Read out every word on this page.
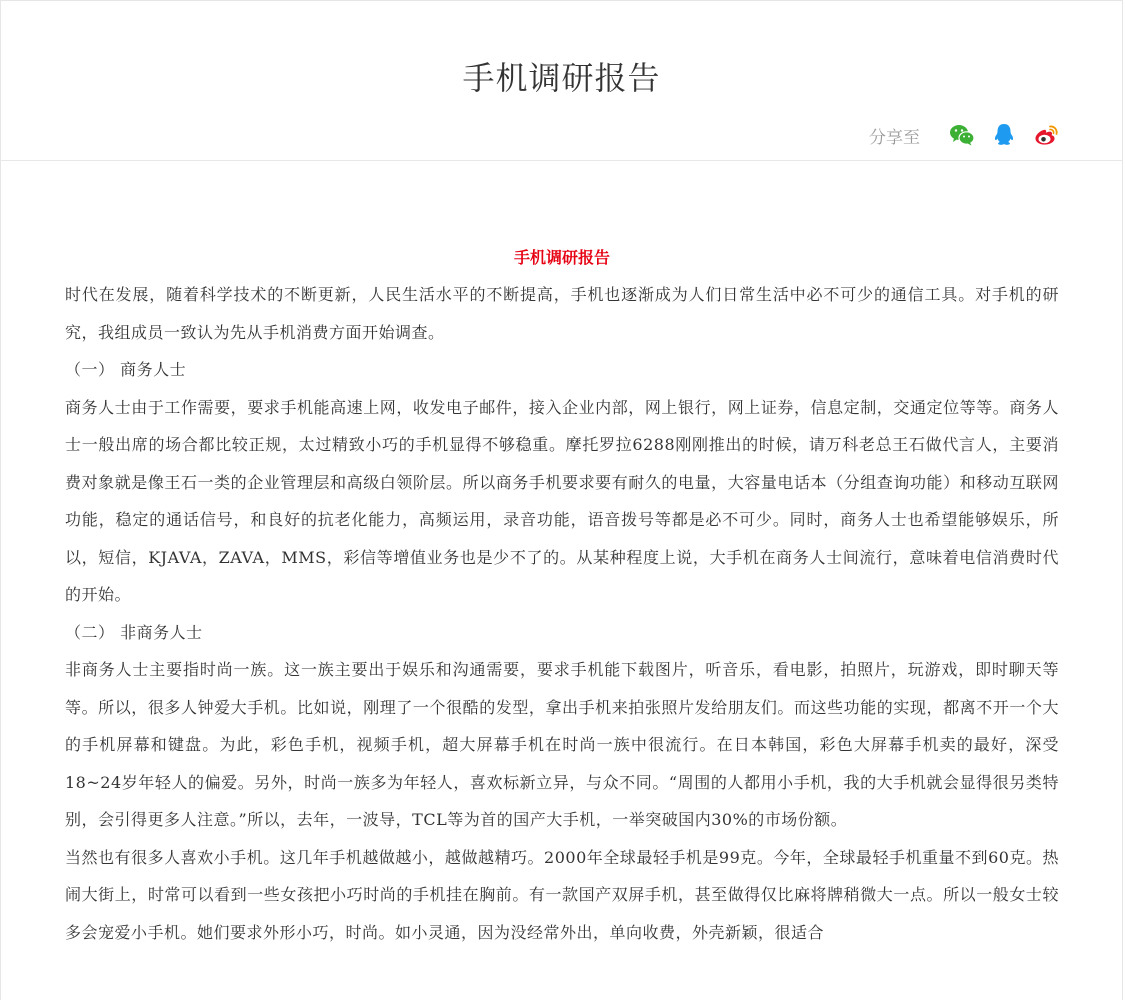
手机调研报告
分享至
手机调研报告

时代在发展，随着科学技术的不断更新，人民生活水平的不断提高，手机也逐渐成为人们日常生活中必不可少的通信工具。对手机的研究，我组成员一致认为先从手机消费方面开始调查。

（一） 商务人士

商务人士由于工作需要，要求手机能高速上网，收发电子邮件，接入企业内部，网上银行，网上证券，信息定制，交通定位等等。商务人士一般出席的场合都比较正规，太过精致小巧的手机显得不够稳重。摩托罗拉6288刚刚推出的时候，请万科老总王石做代言人，主要消费对象就是像王石一类的企业管理层和高级白领阶层。所以商务手机要求要有耐久的电量，大容量电话本（分组查询功能）和移动互联网功能，稳定的通话信号，和良好的抗老化能力，高频运用，录音功能，语音拨号等都是必不可少。同时，商务人士也希望能够娱乐，所以，短信，KJAVA，ZAVA，MMS，彩信等增值业务也是少不了的。从某种程度上说，大手机在商务人士间流行，意味着电信消费时代的开始。

（二） 非商务人士

非商务人士主要指时尚一族。这一族主要出于娱乐和沟通需要，要求手机能下载图片，听音乐，看电影，拍照片，玩游戏，即时聊天等等。所以，很多人钟爱大手机。比如说，刚理了一个很酷的发型，拿出手机来拍张照片发给朋友们。而这些功能的实现，都离不开一个大的手机屏幕和键盘。为此，彩色手机，视频手机，超大屏幕手机在时尚一族中很流行。在日本韩国，彩色大屏幕手机卖的最好，深受18~24岁年轻人的偏爱。另外，时尚一族多为年轻人，喜欢标新立异，与众不同。“周围的人都用小手机，我的大手机就会显得很另类特别，会引得更多人注意。”所以，去年，一波导，TCL等为首的国产大手机，一举突破国内30%的市场份额。

当然也有很多人喜欢小手机。这几年手机越做越小，越做越精巧。2000年全球最轻手机是99克。今年，全球最轻手机重量不到60克。热闹大街上，时常可以看到一些女孩把小巧时尚的手机挂在胸前。有一款国产双屏手机，甚至做得仅比麻将牌稍微大一点。所以一般女士较多会宠爱小手机。她们要求外形小巧，时尚。如小灵通，因为没经常外出，单向收费，外壳新颖，很适合
